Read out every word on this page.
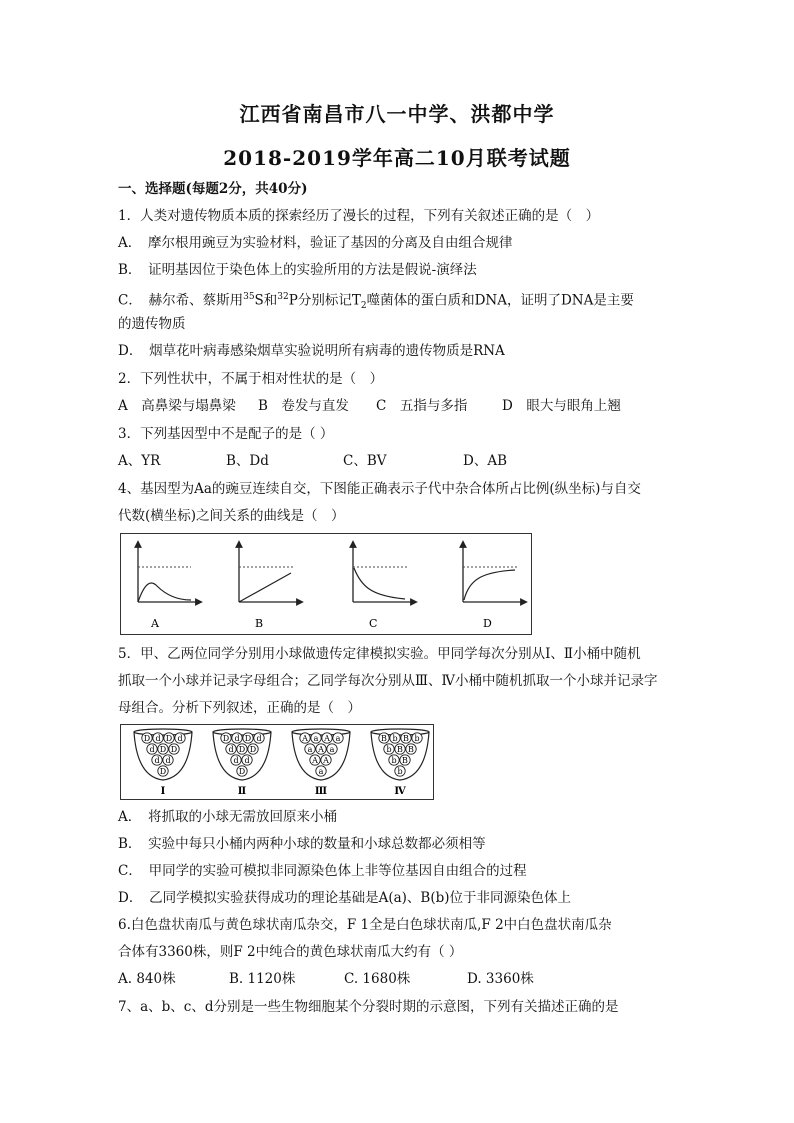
江西省南昌市八一中学、洪都中学
2018-2019学年高二10月联考试题
一、选择题(每题2分，共40分)
1．人类对遗传物质本质的探索经历了漫长的过程，下列有关叙述正确的是（　）
A．　摩尔根用豌豆为实验材料，验证了基因的分离及自由组合规律
B．　证明基因位于染色体上的实验所用的方法是假说-演绎法
C．　赫尔希、蔡斯用$^{35}$S和$^{32}$P分别标记$T_2$噬菌体的蛋白质和DNA，证明了DNA是主要
的遗传物质
D．　烟草花叶病毒感染烟草实验说明所有病毒的遗传物质是RNA
2．下列性状中，不属于相对性状的是（　）
A　高鼻梁与塌鼻梁 B　卷发与直发 C　五指与多指	D　眼大与眼角上翘
3．下列基因型中不是配子的是（ ）
A、YR	B、Dd	C、BV	D、AB
4、基因型为Aa的豌豆连续自交，下图能正确表示子代中杂合体所占比例(纵坐标)与自交
代数(横坐标)之间关系的曲线是（　）
A	B	C	D
5．甲、乙两位同学分别用小球做遗传定律模拟实验。甲同学每次分别从Ⅰ、Ⅱ小桶中随机
抓取一个小球并记录字母组合；乙同学每次分别从Ⅲ、Ⅳ小桶中随机抓取一个小球并记录字
母组合。分析下列叙述，正确的是（　）
D d D d
d D D
d d
D
Ⅰ
D d D d
d D D
d d
D
Ⅱ
A a A a
a A a
A A
a
Ⅲ
B b B b
b B B
b B
b
Ⅳ
A．　将抓取的小球无需放回原来小桶
B．　实验中每只小桶内两种小球的数量和小球总数都必须相等
C．　甲同学的实验可模拟非同源染色体上非等位基因自由组合的过程
D．　乙同学模拟实验获得成功的理论基础是A(a)、B(b)位于非同源染色体上
6.白色盘状南瓜与黄色球状南瓜杂交，F 1全是白色球状南瓜,F 2中白色盘状南瓜杂
合体有3360株，则F 2中纯合的黄色球状南瓜大约有（ ）
A. 840株	B. 1120株	C. 1680株	D. 3360株
7、a、b、c、d分别是一些生物细胞某个分裂时期的示意图，下列有关描述正确的是
